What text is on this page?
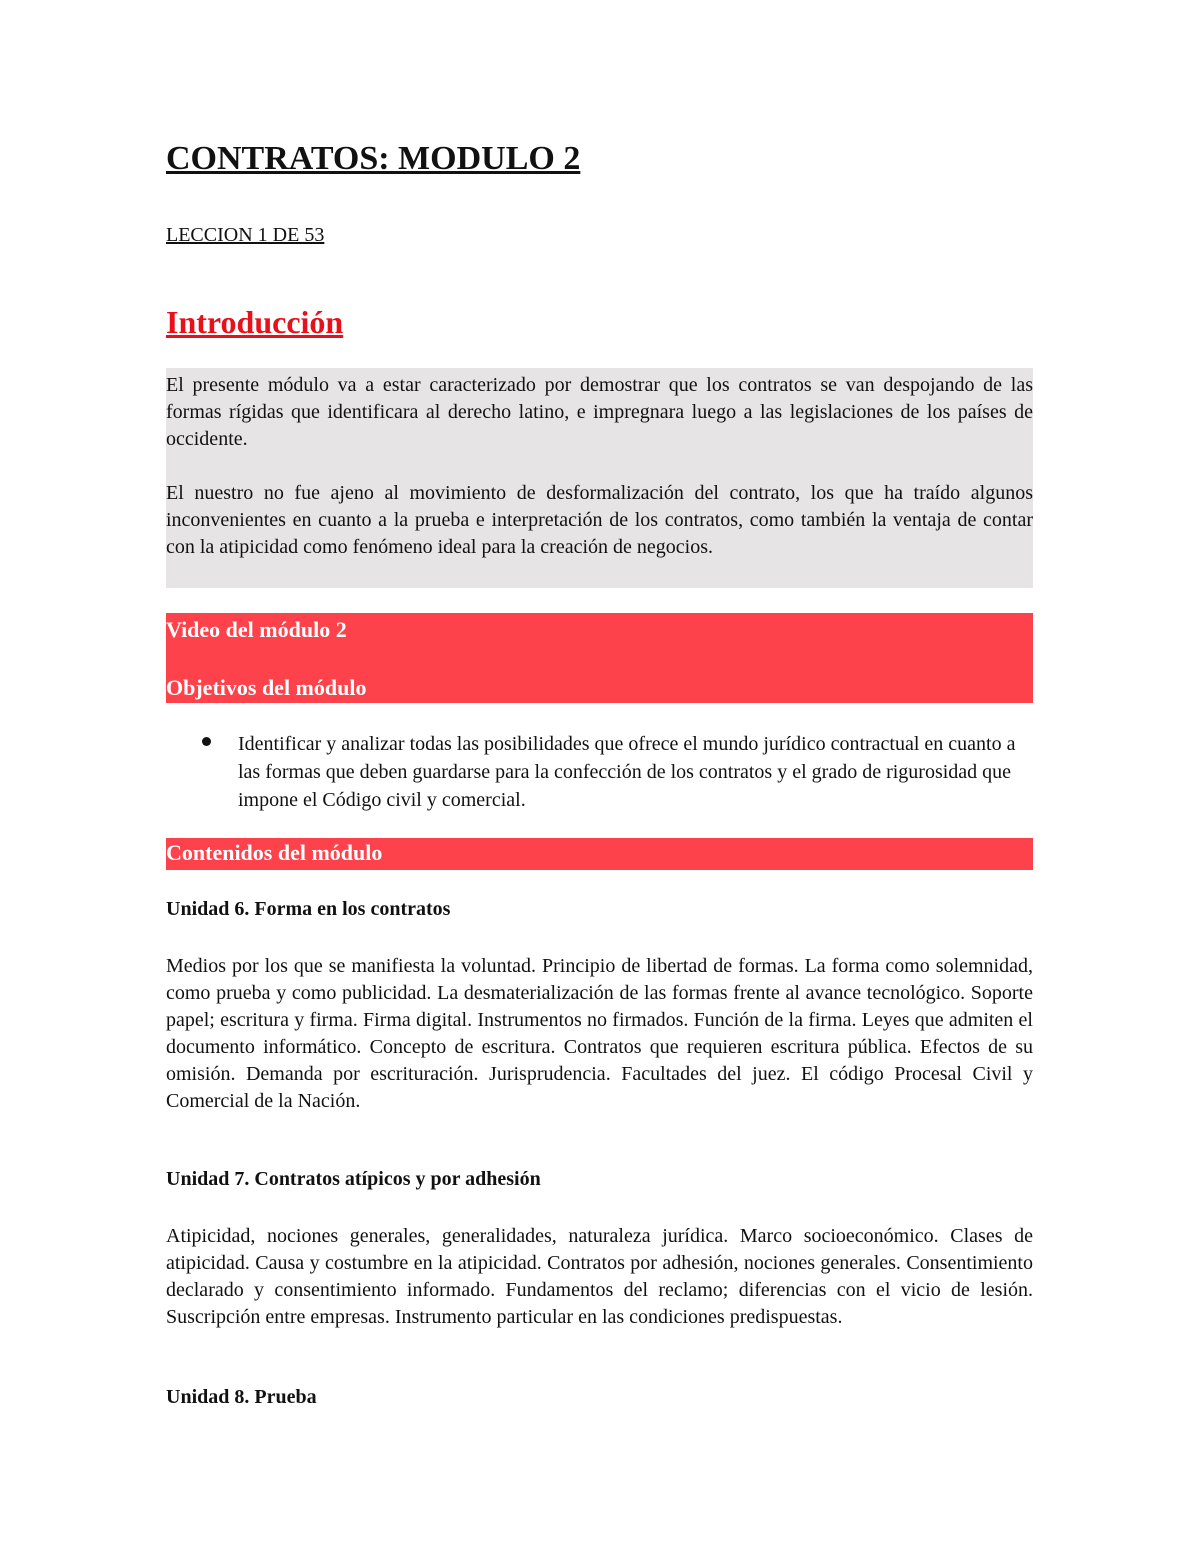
CONTRATOS: MODULO 2
LECCION 1 DE 53
Introducción
El presente módulo va a estar caracterizado por demostrar que los contratos se van despojando de las formas rígidas que identificara al derecho latino, e impregnara luego a las legislaciones de los países de occidente.
El nuestro no fue ajeno al movimiento de desformalización del contrato, los que ha traído algunos inconvenientes en cuanto a la prueba e interpretación de los contratos, como también la ventaja de contar con la atipicidad como fenómeno ideal para la creación de negocios.
Video del módulo 2
Objetivos del módulo
Identificar y analizar todas las posibilidades que ofrece el mundo jurídico contractual en cuanto a las formas que deben guardarse para la confección de los contratos y el grado de rigurosidad que impone el Código civil y comercial.
Contenidos del módulo
Unidad 6. Forma en los contratos
Medios por los que se manifiesta la voluntad. Principio de libertad de formas. La forma como solemnidad, como prueba y como publicidad. La desmaterialización de las formas frente al avance tecnológico. Soporte papel; escritura y firma. Firma digital. Instrumentos no firmados. Función de la firma. Leyes que admiten el documento informático. Concepto de escritura. Contratos que requieren escritura pública. Efectos de su omisión. Demanda por escrituración. Jurisprudencia. Facultades del juez. El código Procesal Civil y Comercial de la Nación.
Unidad 7. Contratos atípicos y por adhesión
Atipicidad, nociones generales, generalidades, naturaleza jurídica. Marco socioeconómico. Clases de atipicidad. Causa y costumbre en la atipicidad. Contratos por adhesión, nociones generales. Consentimiento declarado y consentimiento informado. Fundamentos del reclamo; diferencias con el vicio de lesión. Suscripción entre empresas. Instrumento particular en las condiciones predispuestas.
Unidad 8. Prueba
